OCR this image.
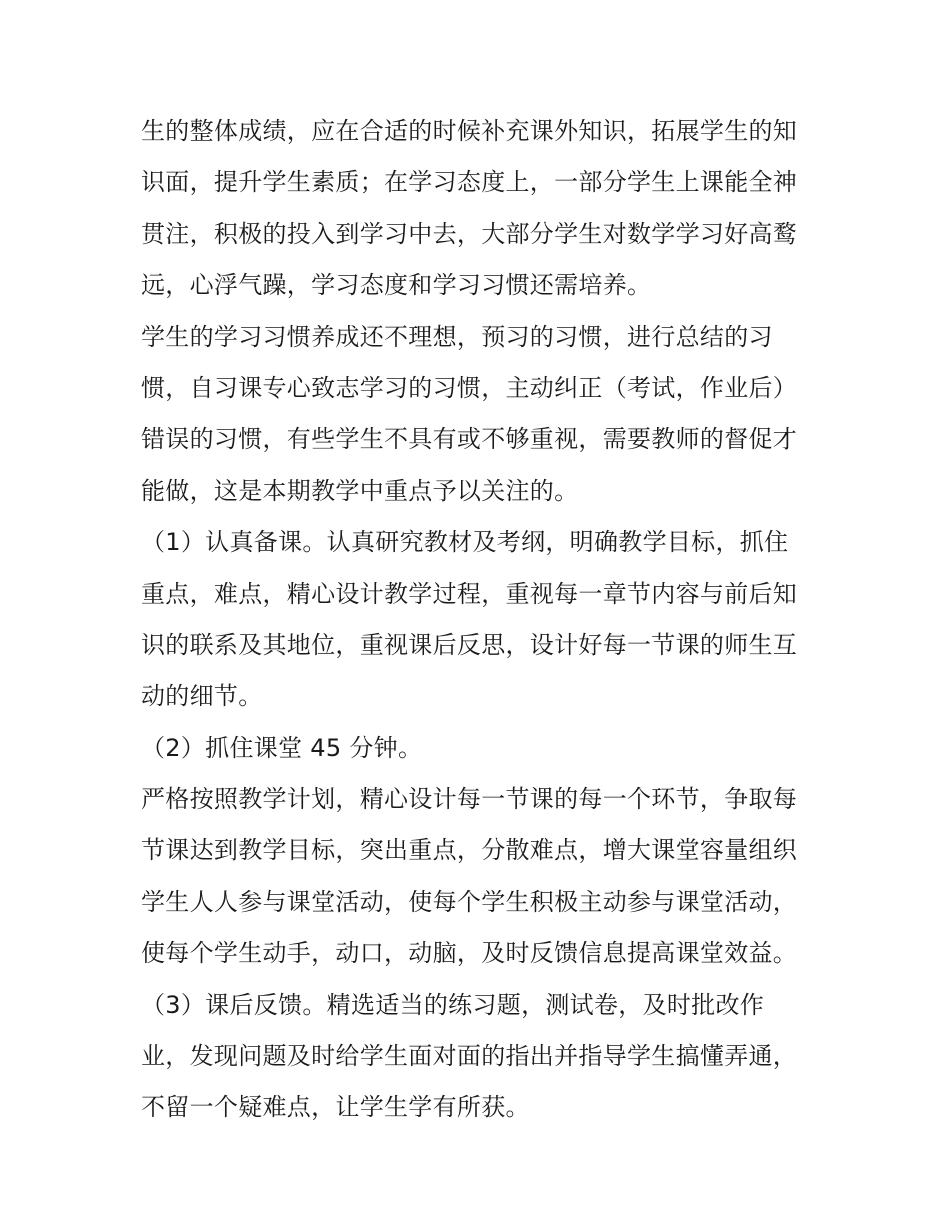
生的整体成绩，应在合适的时候补充课外知识，拓展学生的知
识面，提升学生素质；在学习态度上，一部分学生上课能全神
贯注，积极的投入到学习中去，大部分学生对数学学习好高鹜
远，心浮气躁，学习态度和学习习惯还需培养。
学生的学习习惯养成还不理想，预习的习惯，进行总结的习
惯，自习课专心致志学习的习惯，主动纠正（考试，作业后）
错误的习惯，有些学生不具有或不够重视，需要教师的督促才
能做，这是本期教学中重点予以关注的。
（1）认真备课。认真研究教材及考纲，明确教学目标，抓住
重点，难点，精心设计教学过程，重视每一章节内容与前后知
识的联系及其地位，重视课后反思，设计好每一节课的师生互
动的细节。
（2）抓住课堂 45 分钟。
严格按照教学计划，精心设计每一节课的每一个环节，争取每
节课达到教学目标，突出重点，分散难点，增大课堂容量组织
学生人人参与课堂活动，使每个学生积极主动参与课堂活动，
使每个学生动手，动口，动脑，及时反馈信息提高课堂效益。
（3）课后反馈。精选适当的练习题，测试卷，及时批改作
业，发现问题及时给学生面对面的指出并指导学生搞懂弄通，
不留一个疑难点，让学生学有所获。
